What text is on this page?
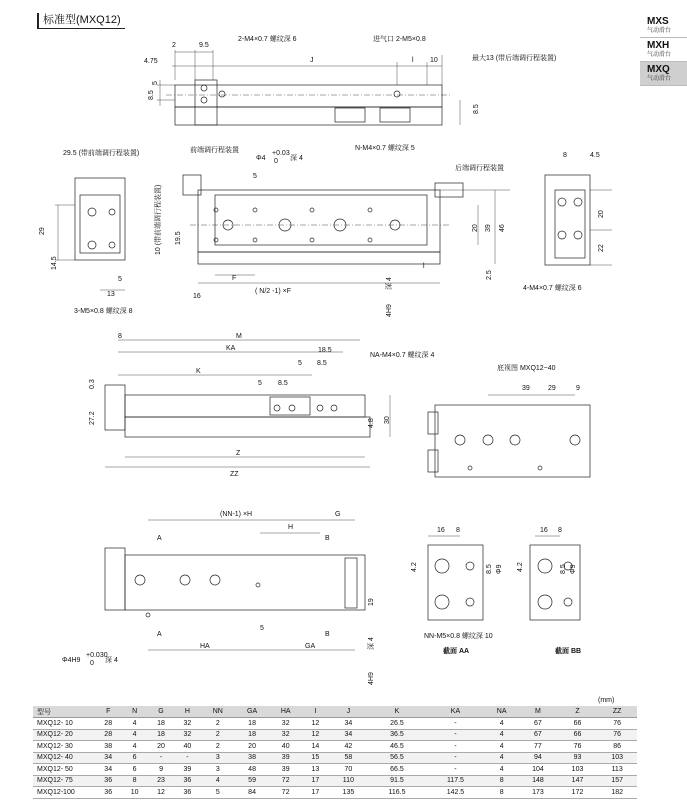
标准型(MXQ12)	MXS
气动滑台
MXH
气动滑台
MXQ
气动滑台
2	9.5
4.75
2-M4×0.7 螺纹深 6	进气口 2-M5×0.8
J	l 10	最大13 (带后端调行程装置)
8.5
5
8.5
29.5 (带前端调行程装置)	前端调行程装置
Φ4
+0.03
0 深 4
N-M4×0.7 螺纹深 5
后端调行程装置
5
10 (带前端调行程装置) 19.5
20 39 46
l
2.5
F
16
( N/2 -1) ×F
4H9
深 4
29
14.5
5
13
3-M5×0.8 螺纹深 8
8	4.5
20
22
4-M4×0.7 螺纹深 6
8	M
KA
K
18.5
5 8.5
5 8.5
NA-M4×0.7 螺纹深 4
0.3
27.2	4.8 30
Z
ZZ
底视图 MXQ12−40
39	29	9
(NN-1) ×H	G
H
A	B
A	B
5
19
HA	GA
Φ4H9
+0.030
0 深 4
4H9
深 4
16 8
4.2	8.5 Φ9
NN-M5×0.8 螺纹深 10
截面 AA
16 8
4.2	8.5 Φ9
截面 BB
(mm)
型号	F	N	G	H	NN	GA	HA	I	J	K	KA	NA	M	Z	ZZ
MXQ12- 10	28	4	18	32	2	18	32	12	34	26.5	-	4	67	66	76
MXQ12- 20	28	4	18	32	2	18	32	12	34	36.5	-	4	67	66	76
MXQ12- 30	38	4	20	40	2	20	40	14	42	46.5	-	4	77	76	86
MXQ12- 40	34	6	-	-	3	38	39	15	58	56.5	-	4	94	93	103
MXQ12- 50	34	6	9	39	3	48	39	13	70	66.5	-	4	104	103	113
MXQ12- 75	36	8	23	36	4	59	72	17	110	91.5	117.5	8	148	147	157
MXQ12-100	36	10	12	36	5	84	72	17	135	116.5	142.5	8	173	172	182
